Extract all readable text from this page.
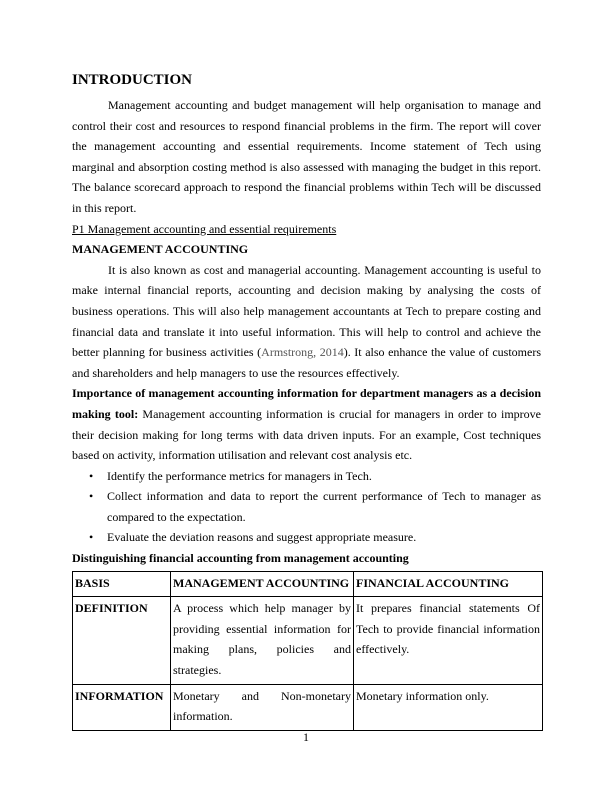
INTRODUCTION

Management accounting and budget management will help organisation to manage and control their cost and resources to respond financial problems in the firm. The report will cover the management accounting and essential requirements. Income statement of Tech using marginal and absorption costing method is also assessed with managing the budget in this report. The balance scorecard approach to respond the financial problems within Tech will be discussed in this report.

P1 Management accounting and essential requirements

MANAGEMENT ACCOUNTING

It is also known as cost and managerial accounting. Management accounting is useful to make internal financial reports, accounting and decision making by analysing the costs of business operations. This will also help management accountants at Tech to prepare costing and financial data and translate it into useful information. This will help to control and achieve the better planning for business activities (Armstrong, 2014). It also enhance the value of customers and shareholders and help managers to use the resources effectively.

Importance of management accounting information for department managers as a decision making tool: Management accounting information is crucial for managers in order to improve their decision making for long terms with data driven inputs. For an example, Cost techniques based on activity, information utilisation and relevant cost analysis etc.

• Identify the performance metrics for managers in Tech.
• Collect information and data to report the current performance of Tech to manager as compared to the expectation.
• Evaluate the deviation reasons and suggest appropriate measure.

Distinguishing financial accounting from management accounting

BASIS	MANAGEMENT ACCOUNTING	FINANCIAL ACCOUNTING
DEFINITION	A process which help manager by providing essential information for making plans, policies and strategies.	It prepares financial statements Of Tech to provide financial information effectively.
INFORMATION	Monetary and Non-monetary information.	Monetary information only.
1
